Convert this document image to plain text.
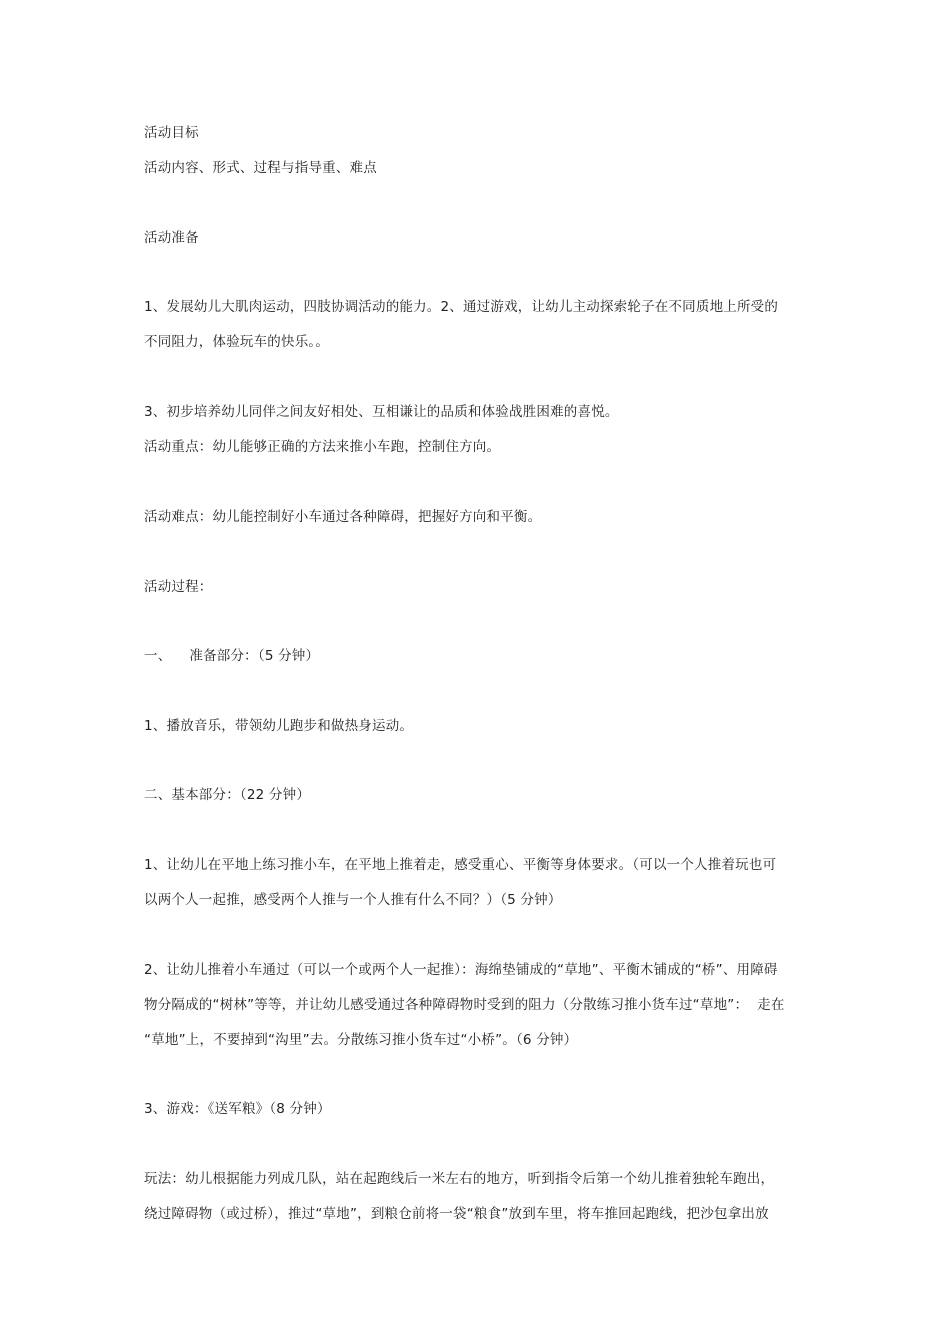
活动目标
活动内容、形式、过程与指导重、难点
活动准备
1、发展幼儿大肌肉运动，四肢协调活动的能力。2、通过游戏，让幼儿主动探索轮子在不同质地上所受的
不同阻力，体验玩车的快乐。。
3、初步培养幼儿同伴之间友好相处、互相谦让的品质和体验战胜困难的喜悦。
活动重点：幼儿能够正确的方法来推小车跑，控制住方向。
活动难点：幼儿能控制好小车通过各种障碍，把握好方向和平衡。
活动过程：
一、    准备部分：（5 分钟）
1、播放音乐，带领幼儿跑步和做热身运动。
二、基本部分：（22 分钟）
1、让幼儿在平地上练习推小车，在平地上推着走，感受重心、平衡等身体要求。（可以一个人推着玩也可
以两个人一起推，感受两个人推与一个人推有什么不同？）（5 分钟）
2、让幼儿推着小车通过（可以一个或两个人一起推）：海绵垫铺成的“草地”、平衡木铺成的“桥”、用障碍
物分隔成的“树林”等等，并让幼儿感受通过各种障碍物时受到的阻力（分散练习推小货车过“草地”：  走在
“草地”上，不要掉到“沟里”去。分散练习推小货车过“小桥”。（6 分钟）
3、游戏：《送军粮》（8 分钟）
玩法：幼儿根据能力列成几队，站在起跑线后一米左右的地方，听到指令后第一个幼儿推着独轮车跑出，
绕过障碍物（或过桥），推过“草地”，到粮仓前将一袋“粮食”放到车里，将车推回起跑线，把沙包拿出放
